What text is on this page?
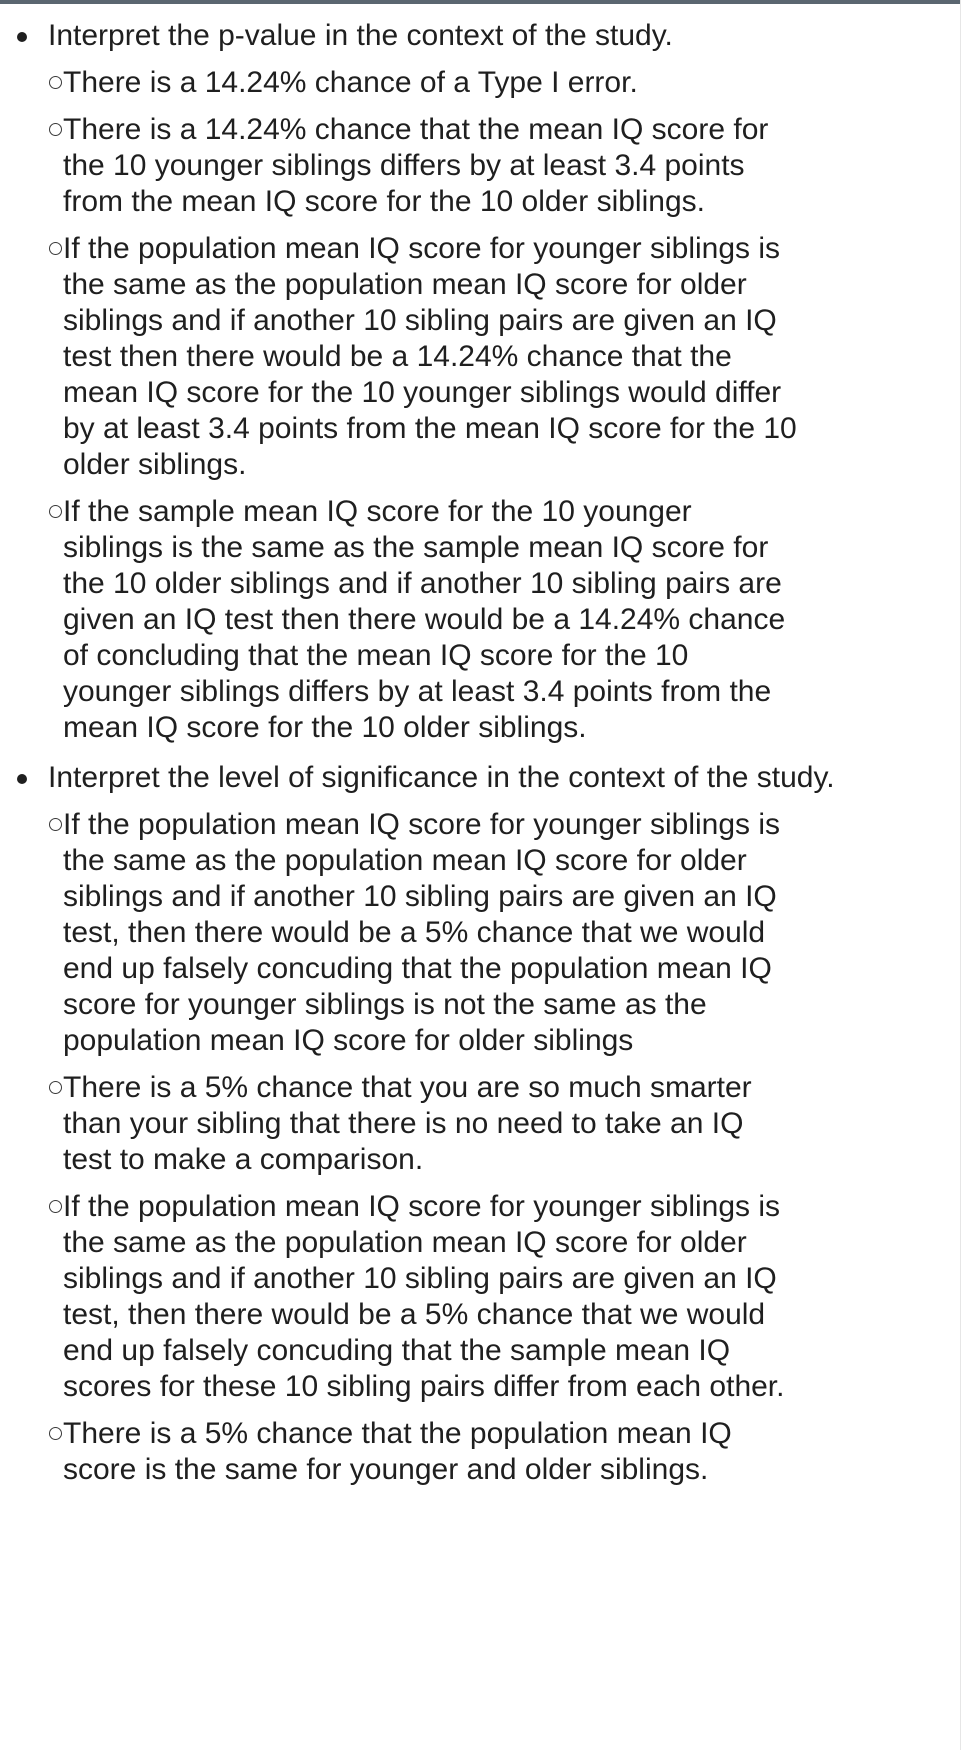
Interpret the p-value in the context of the study.

There is a 14.24% chance of a Type I error.
There is a 14.24% chance that the mean IQ score for the 10 younger siblings differs by at least 3.4 points from the mean IQ score for the 10 older siblings.
If the population mean IQ score for younger siblings is the same as the population mean IQ score for older siblings and if another 10 sibling pairs are given an IQ test then there would be a 14.24% chance that the mean IQ score for the 10 younger siblings would differ by at least 3.4 points from the mean IQ score for the 10 older siblings.
If the sample mean IQ score for the 10 younger siblings is the same as the sample mean IQ score for the 10 older siblings and if another 10 sibling pairs are given an IQ test then there would be a 14.24% chance of concluding that the mean IQ score for the 10 younger siblings differs by at least 3.4 points from the mean IQ score for the 10 older siblings.

Interpret the level of significance in the context of the study.

If the population mean IQ score for younger siblings is the same as the population mean IQ score for older siblings and if another 10 sibling pairs are given an IQ test, then there would be a 5% chance that we would end up falsely concuding that the population mean IQ score for younger siblings is not the same as the population mean IQ score for older siblings
There is a 5% chance that you are so much smarter than your sibling that there is no need to take an IQ test to make a comparison.
If the population mean IQ score for younger siblings is the same as the population mean IQ score for older siblings and if another 10 sibling pairs are given an IQ test, then there would be a 5% chance that we would end up falsely concuding that the sample mean IQ scores for these 10 sibling pairs differ from each other.
There is a 5% chance that the population mean IQ score is the same for younger and older siblings.
